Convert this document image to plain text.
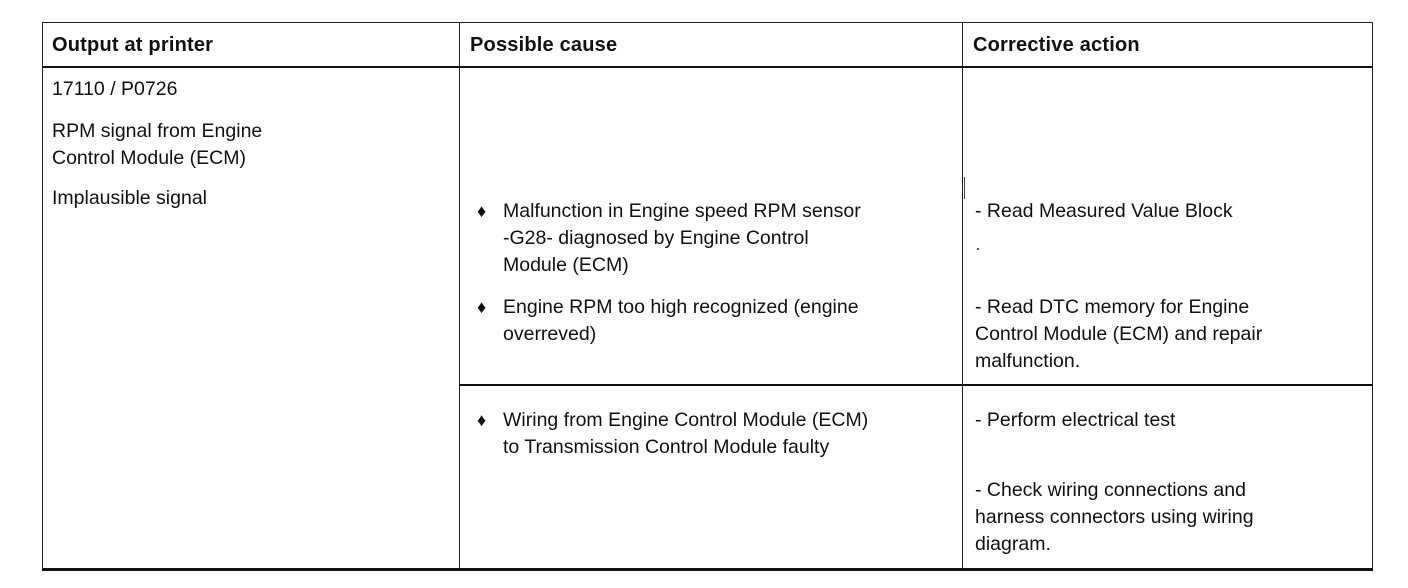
Output at printer	Possible cause	Corrective action
17110 / P0726
RPM signal from Engine
Control Module (ECM)
Implausible signal
♦ Malfunction in Engine speed RPM sensor
-G28- diagnosed by Engine Control
Module (ECM)
♦ Engine RPM too high recognized (engine
overreved)
♦ Wiring from Engine Control Module (ECM)
to Transmission Control Module faulty
- Read Measured Value Block
- Read DTC memory for Engine
Control Module (ECM) and repair
malfunction.
- Perform electrical test
- Check wiring connections and
harness connectors using wiring
diagram.
